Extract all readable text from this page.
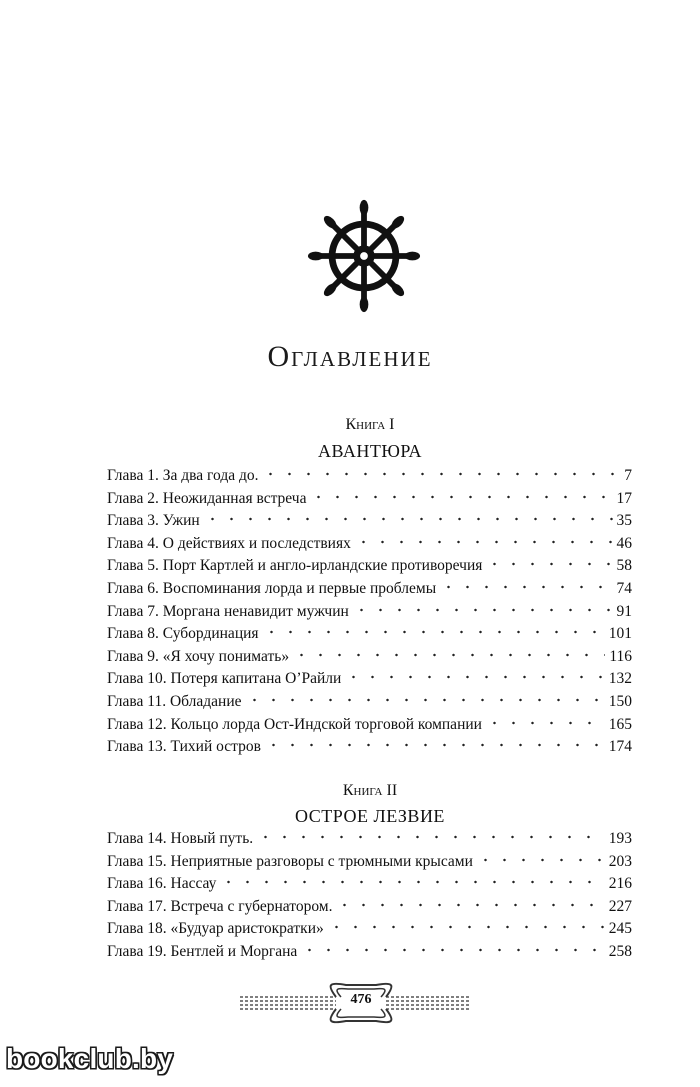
Оглавление
Книга I
АВАНТЮРА
Глава 1. За два года до.	7
Глава 2. Неожиданная встреча	17
Глава 3. Ужин	35
Глава 4. О действиях и последствиях	46
Глава 5. Порт Картлей и англо-ирландские противоречия	58
Глава 6. Воспоминания лорда и первые проблемы	74
Глава 7. Моргана ненавидит мужчин	91
Глава 8. Субординация	101
Глава 9. «Я хочу понимать»	116
Глава 10. Потеря капитана О’Райли	132
Глава 11. Обладание	150
Глава 12. Кольцо лорда Ост-Индской торговой компании	165
Глава 13. Тихий остров	174
Книга II
ОСТРОЕ ЛЕЗВИЕ
Глава 14. Новый путь.	193
Глава 15. Неприятные разговоры с трюмными крысами	203
Глава 16. Нассау	216
Глава 17. Встреча с губернатором.	227
Глава 18. «Будуар аристократки»	245
Глава 19. Бентлей и Моргана	258
476
bookclub.by
